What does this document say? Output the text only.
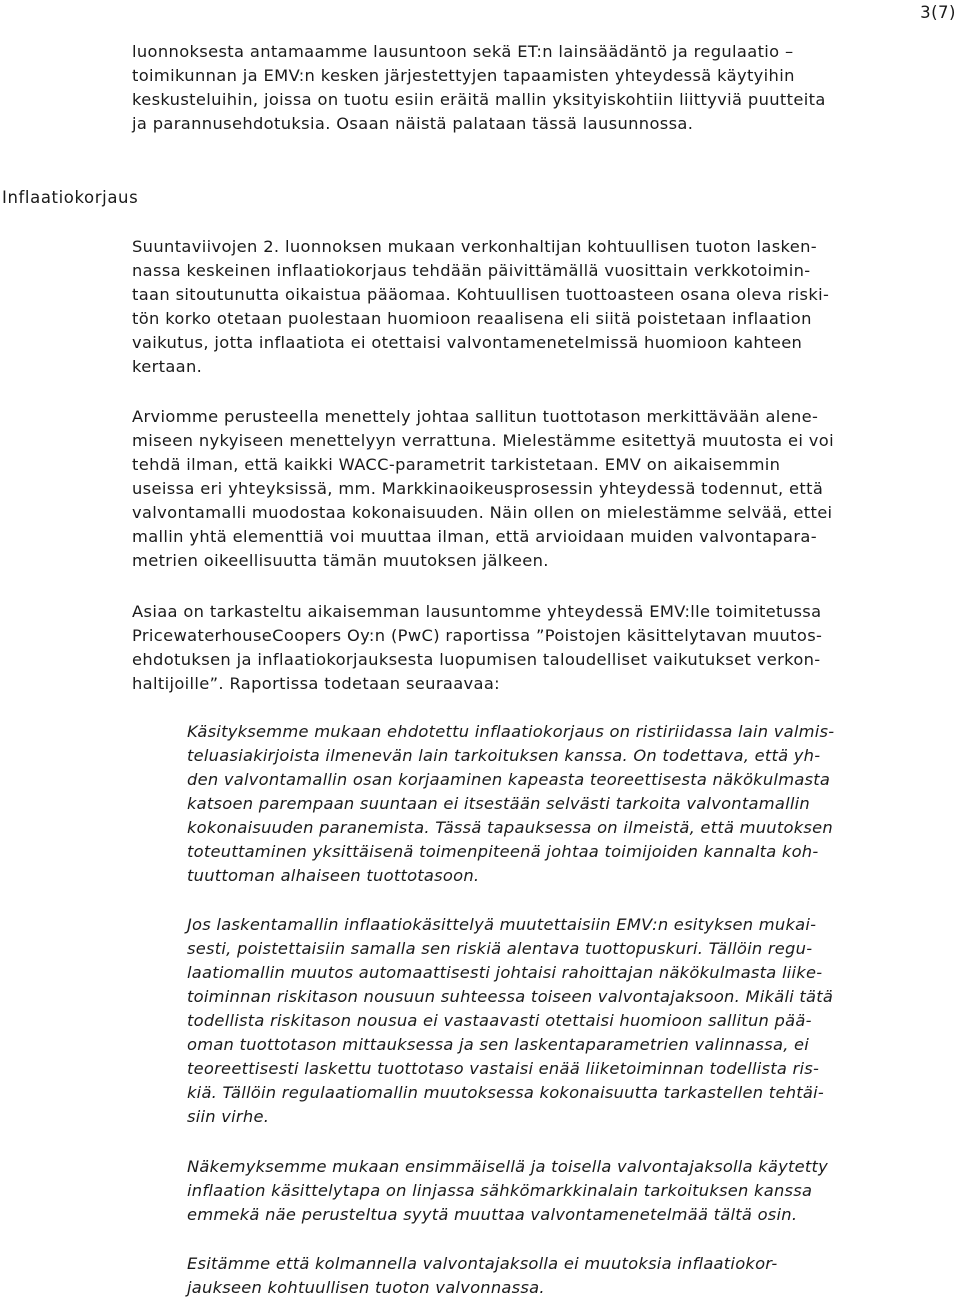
3(7)
luonnoksesta antamaamme lausuntoon sekä ET:n lainsäädäntö ja regulaatio –
toimikunnan ja EMV:n kesken järjestettyjen tapaamisten yhteydessä käytyihin
keskusteluihin, joissa on tuotu esiin eräitä mallin yksityiskohtiin liittyviä puutteita
ja parannusehdotuksia. Osaan näistä palataan tässä lausunnossa.
Inflaatiokorjaus
Suuntaviivojen 2. luonnoksen mukaan verkonhaltijan kohtuullisen tuoton lasken-
nassa keskeinen inflaatiokorjaus tehdään päivittämällä vuosittain verkkotoimin-
taan sitoutunutta oikaistua pääomaa. Kohtuullisen tuottoasteen osana oleva riski-
tön korko otetaan puolestaan huomioon reaalisena eli siitä poistetaan inflaation
vaikutus, jotta inflaatiota ei otettaisi valvontamenetelmissä huomioon kahteen
kertaan.
Arviomme perusteella menettely johtaa sallitun tuottotason merkittävään alene-
miseen nykyiseen menettelyyn verrattuna. Mielestämme esitettyä muutosta ei voi
tehdä ilman, että kaikki WACC-parametrit tarkistetaan. EMV on aikaisemmin
useissa eri yhteyksissä, mm. Markkinaoikeusprosessin yhteydessä todennut, että
valvontamalli muodostaa kokonaisuuden. Näin ollen on mielestämme selvää, ettei
mallin yhtä elementtiä voi muuttaa ilman, että arvioidaan muiden valvontapara-
metrien oikeellisuutta tämän muutoksen jälkeen.
Asiaa on tarkasteltu aikaisemman lausuntomme yhteydessä EMV:lle toimitetussa
PricewaterhouseCoopers Oy:n (PwC) raportissa ”Poistojen käsittelytavan muutos-
ehdotuksen ja inflaatiokorjauksesta luopumisen taloudelliset vaikutukset verkon-
haltijoille”. Raportissa todetaan seuraavaa:
Käsityksemme mukaan ehdotettu inflaatiokorjaus on ristiriidassa lain valmis-
teluasiakirjoista ilmenevän lain tarkoituksen kanssa. On todettava, että yh-
den valvontamallin osan korjaaminen kapeasta teoreettisesta näkökulmasta
katsoen parempaan suuntaan ei itsestään selvästi tarkoita valvontamallin
kokonaisuuden paranemista. Tässä tapauksessa on ilmeistä, että muutoksen
toteuttaminen yksittäisenä toimenpiteenä johtaa toimijoiden kannalta koh-
tuuttoman alhaiseen tuottotasoon.
Jos laskentamallin inflaatiokäsittelyä muutettaisiin EMV:n esityksen mukai-
sesti, poistettaisiin samalla sen riskiä alentava tuottopuskuri. Tällöin regu-
laatiomallin muutos automaattisesti johtaisi rahoittajan näkökulmasta liike-
toiminnan riskitason nousuun suhteessa toiseen valvontajaksoon. Mikäli tätä
todellista riskitason nousua ei vastaavasti otettaisi huomioon sallitun pää-
oman tuottotason mittauksessa ja sen laskentaparametrien valinnassa, ei
teoreettisesti laskettu tuottotaso vastaisi enää liiketoiminnan todellista ris-
kiä. Tällöin regulaatiomallin muutoksessa kokonaisuutta tarkastellen tehtäi-
siin virhe.
Näkemyksemme mukaan ensimmäisellä ja toisella valvontajaksolla käytetty
inflaation käsittelytapa on linjassa sähkömarkkinalain tarkoituksen kanssa
emmekä näe perusteltua syytä muuttaa valvontamenetelmää tältä osin.
Esitämme että kolmannella valvontajaksolla ei muutoksia inflaatiokor-
jaukseen kohtuullisen tuoton valvonnassa.
